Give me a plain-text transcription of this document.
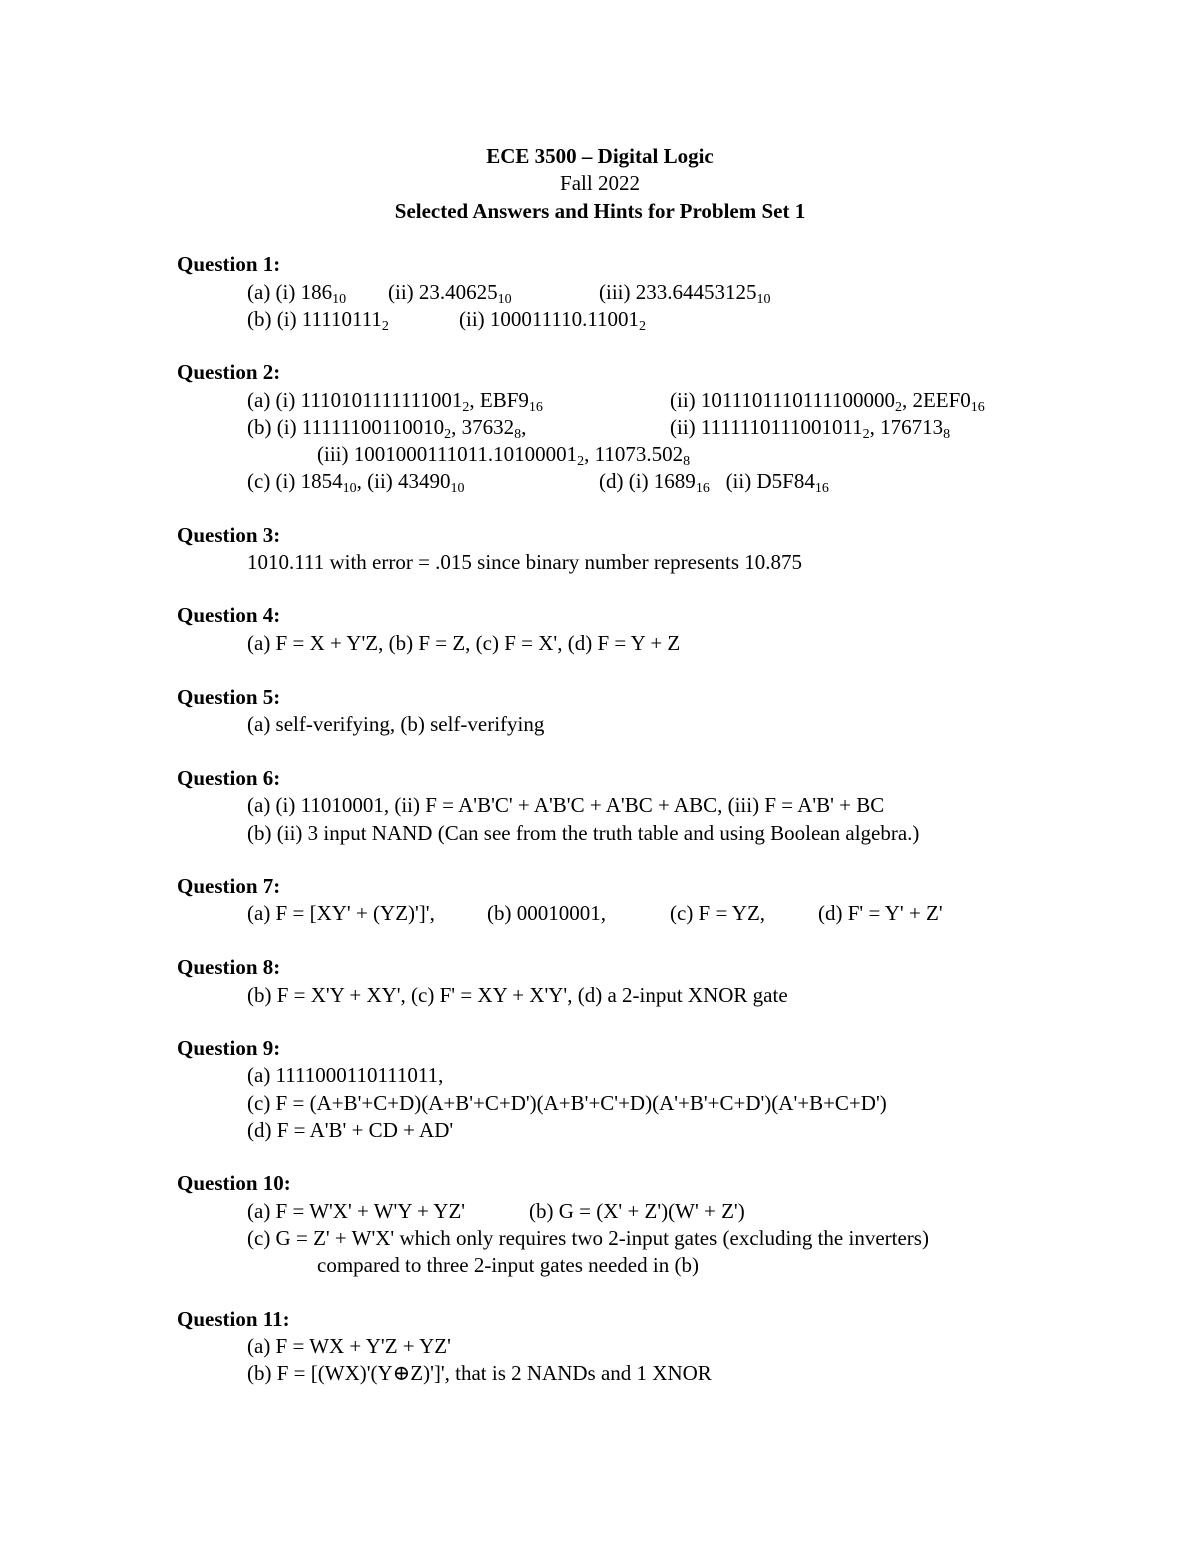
ECE 3500 – Digital Logic
Fall 2022
Selected Answers and Hints for Problem Set 1
Question 1:
(a) (i) $186_{10}$ (ii) $23.40625_{10}$	(iii) $233.64453125_{10}$
(b) (i) $11110111_2$	(ii) $100011110.11001_2$
Question 2:
(a) (i) $1110101111111001_2$, $EBF9_{16}$	(ii) $1011101110111100000_2$, $2EEF0_{16}$
(b) (i) $11111100110010_2$, $37632_8$,	(ii) $1111110111001011_2$, $176713_8$
(iii) $1001000111011.10100001_2$, $11073.502_8$
(c) (i) $1854_{10}$, (ii) $43490_{10}$	(d) (i) $1689_{16}$ (ii) $D5F84_{16}$
Question 3:
1010.111 with error = .015 since binary number represents 10.875
Question 4:
(a) F = X + Y'Z, (b) F = Z, (c) F = X', (d) F = Y + Z
Question 5:
(a) self-verifying, (b) self-verifying
Question 6:
(a) (i) 11010001, (ii) F = A'B'C' + A'B'C + A'BC + ABC, (iii) F = A'B' + BC
(b) (ii) 3 input NAND (Can see from the truth table and using Boolean algebra.)
Question 7:
(a) F = [XY' + (YZ)']', (b) 00010001,	(c) F = YZ,	(d) F' = Y' + Z'
Question 8:
(b) F = X'Y + XY', (c) F' = XY + X'Y', (d) a 2-input XNOR gate
Question 9:
(a) 1111000110111011,
(c) F = (A+B'+C+D)(A+B'+C+D')(A+B'+C'+D)(A'+B'+C+D')(A'+B+C+D')
(d) F = A'B' + CD + AD'
Question 10:
(a) F = W'X' + W'Y + YZ'	(b) G = (X' + Z')(W' + Z')
(c) G = Z' + W'X' which only requires two 2-input gates (excluding the inverters)
compared to three 2-input gates needed in (b)
Question 11:
(a) F = WX + Y'Z + YZ'
(b) F = [(WX)'(Y⊕Z)']', that is 2 NANDs and 1 XNOR
